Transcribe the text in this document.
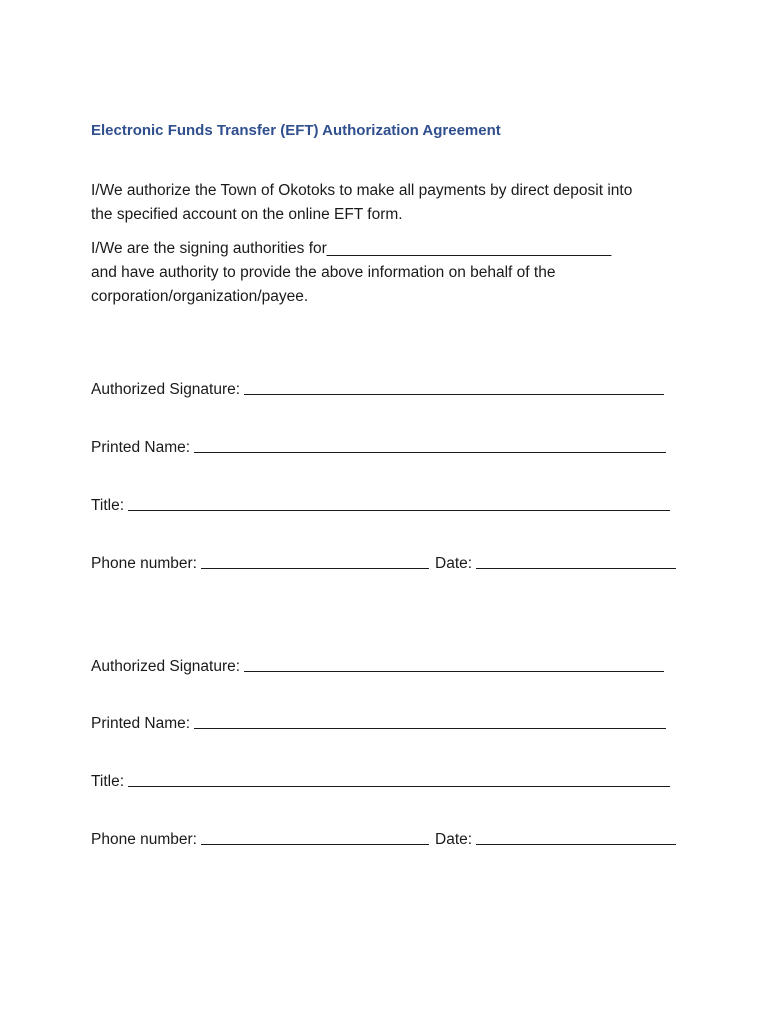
Electronic Funds Transfer (EFT) Authorization Agreement
I/We authorize the Town of Okotoks to make all payments by direct deposit into
the specified account on the online EFT form.
I/We are the signing authorities for_________________________________
and have authority to provide the above information on behalf of the
corporation/organization/payee.
Authorized Signature:
Printed Name:
Title:
Phone number:	Date:
Authorized Signature:
Printed Name:
Title:
Phone number:	Date:
